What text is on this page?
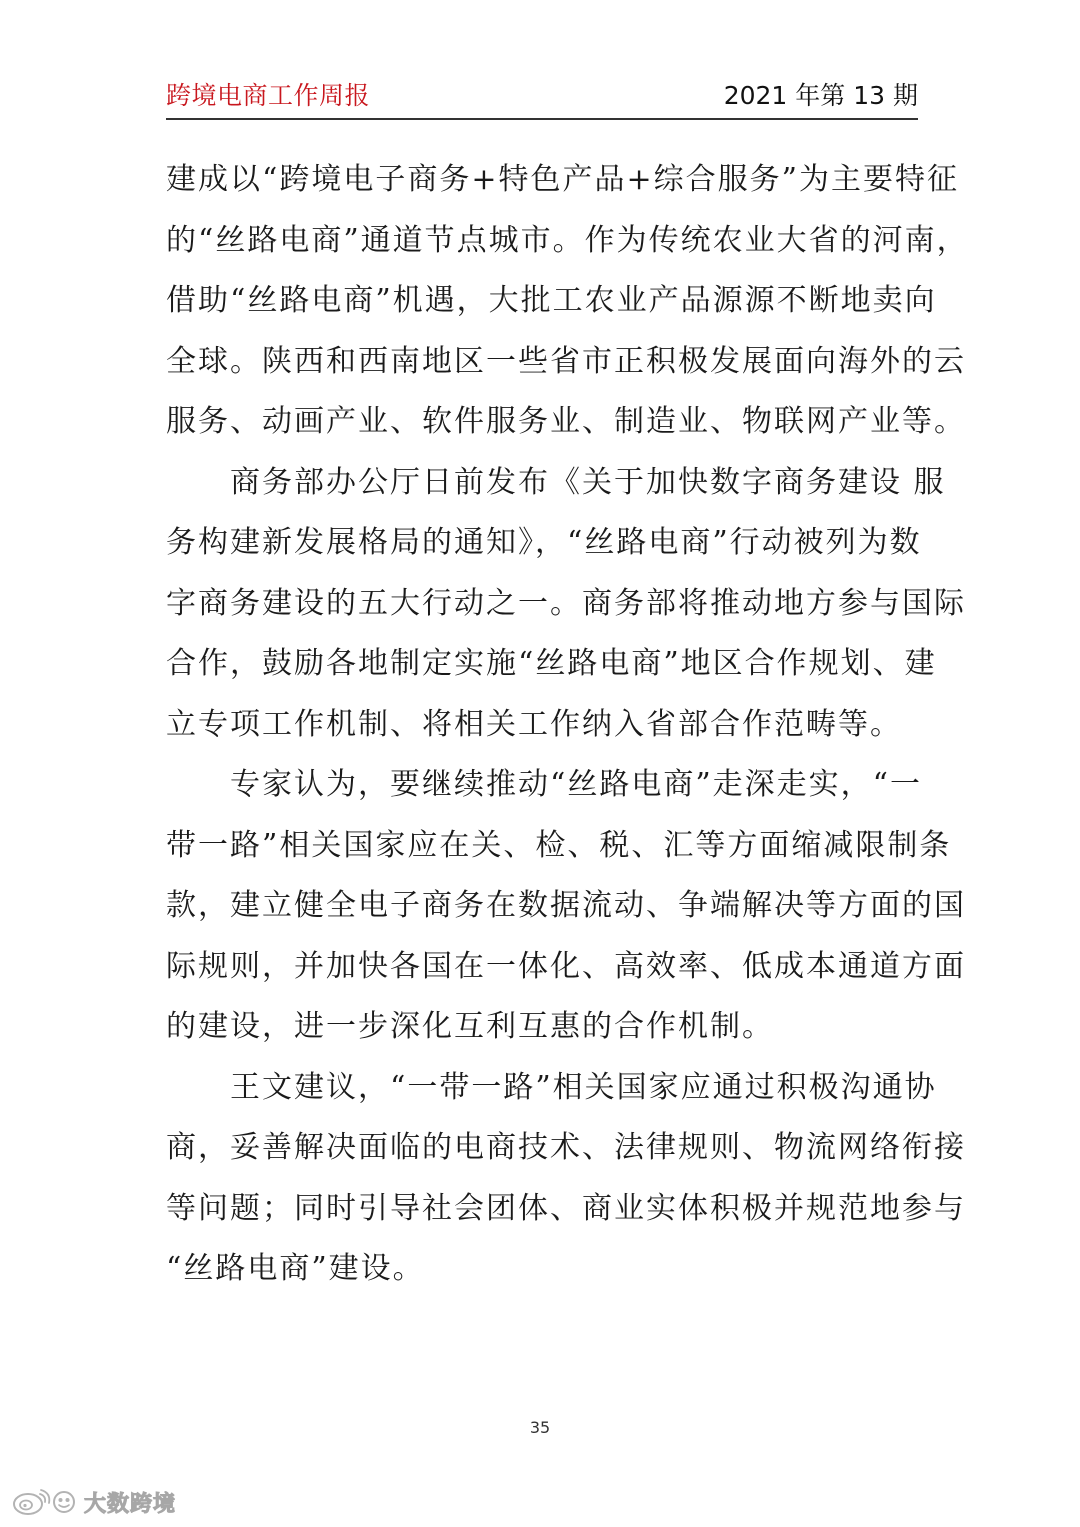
跨境电商工作周报	2021 年第 13 期

建成以“跨境电子商务+特色产品+综合服务”为主要特征
的“丝路电商”通道节点城市。作为传统农业大省的河南，
借助“丝路电商”机遇，大批工农业产品源源不断地卖向
全球。陕西和西南地区一些省市正积极发展面向海外的云
服务、动画产业、软件服务业、制造业、物联网产业等。

商务部办公厅日前发布《关于加快数字商务建设 服
务构建新发展格局的通知》，“丝路电商”行动被列为数
字商务建设的五大行动之一。商务部将推动地方参与国际
合作，鼓励各地制定实施“丝路电商”地区合作规划、建
立专项工作机制、将相关工作纳入省部合作范畴等。

专家认为，要继续推动“丝路电商”走深走实，“一
带一路”相关国家应在关、检、税、汇等方面缩减限制条
款，建立健全电子商务在数据流动、争端解决等方面的国
际规则，并加快各国在一体化、高效率、低成本通道方面
的建设，进一步深化互利互惠的合作机制。

王文建议，“一带一路”相关国家应通过积极沟通协
商，妥善解决面临的电商技术、法律规则、物流网络衔接
等问题；同时引导社会团体、商业实体积极并规范地参与
“丝路电商”建设。

35
大数跨境
